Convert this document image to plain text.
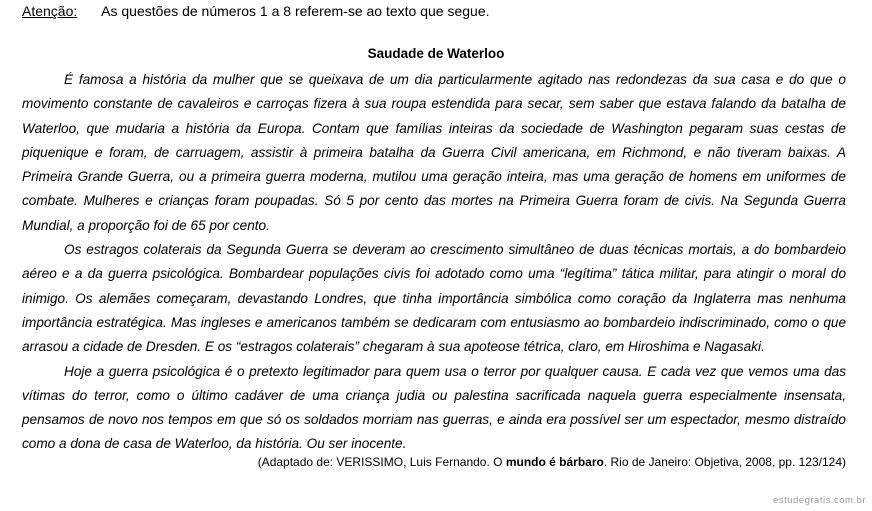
Atenção: As questões de números 1 a 8 referem-se ao texto que segue.
Saudade de Waterloo

É famosa a história da mulher que se queixava de um dia particularmente agitado nas redondezas da sua casa e do que o movimento constante de cavaleiros e carroças fizera à sua roupa estendida para secar, sem saber que estava falando da batalha de Waterloo, que mudaria a história da Europa. Contam que famílias inteiras da sociedade de Washington pegaram suas cestas de piquenique e foram, de carruagem, assistir à primeira batalha da Guerra Civil americana, em Richmond, e não tiveram baixas. A Primeira Grande Guerra, ou a primeira guerra moderna, mutilou uma geração inteira, mas uma geração de homens em uniformes de combate. Mulheres e crianças foram poupadas. Só 5 por cento das mortes na Primeira Guerra foram de civis. Na Segunda Guerra Mundial, a proporção foi de 65 por cento.

Os estragos colaterais da Segunda Guerra se deveram ao crescimento simultâneo de duas técnicas mortais, a do bombardeio aéreo e a da guerra psicológica. Bombardear populações civis foi adotado como uma “legítima” tática militar, para atingir o moral do inimigo. Os alemães começaram, devastando Londres, que tinha importância simbólica como coração da Inglaterra mas nenhuma importância estratégica. Mas ingleses e americanos também se dedicaram com entusiasmo ao bombardeio indiscriminado, como o que arrasou a cidade de Dresden. E os “estragos colaterais” chegaram à sua apoteose tétrica, claro, em Hiroshima e Nagasaki.

Hoje a guerra psicológica é o pretexto legitimador para quem usa o terror por qualquer causa. E cada vez que vemos uma das vítimas do terror, como o último cadáver de uma criança judia ou palestina sacrificada naquela guerra especialmente insensata, pensamos de novo nos tempos em que só os soldados morriam nas guerras, e ainda era possível ser um espectador, mesmo distraído como a dona de casa de Waterloo, da história. Ou ser inocente.

(Adaptado de: VERISSIMO, Luis Fernando. O mundo é bárbaro. Rio de Janeiro: Objetiva, 2008, pp. 123/124)
estudegratis.com.br
